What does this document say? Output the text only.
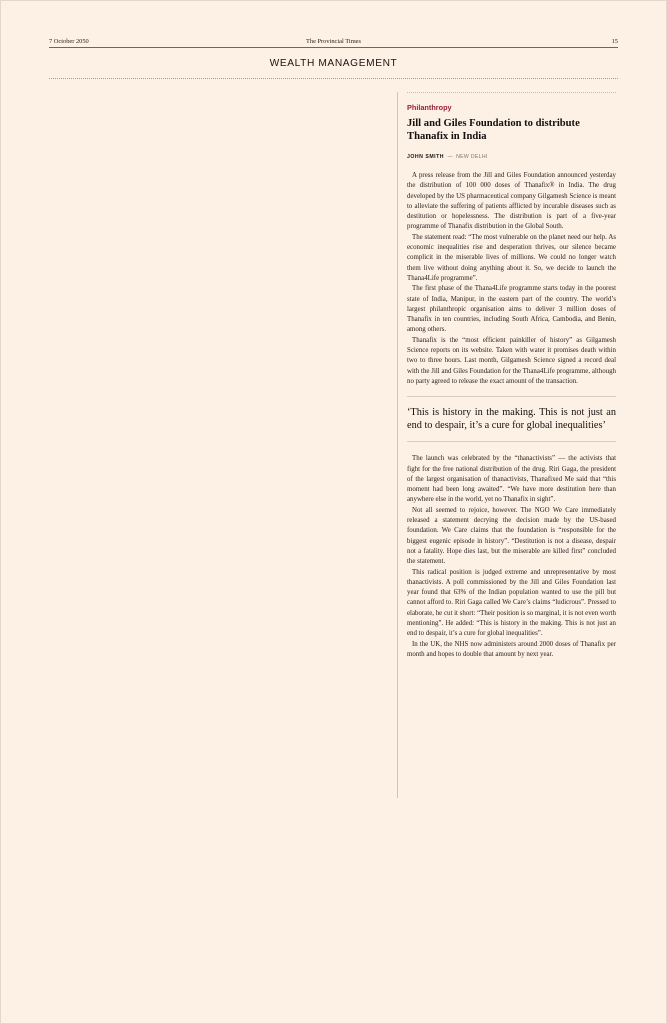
7 October 2050	The Provincial Times	15
WEALTH MANAGEMENT
Philanthropy
Jill and Giles Foundation to distribute Thanafix in India
JOHN SMITH — NEW DELHI

A press release from the Jill and Giles Foundation announced yesterday the distribution of 100 000 doses of Thanafix® in India. The drug developed by the US pharmaceutical company Gilgamesh Science is meant to alleviate the suffering of patients afflicted by incurable diseases such as destitution or hopelessness. The distribution is part of a five-year programme of Thanafix distribution in the Global South.

The statement read: “The most vulnerable on the planet need our help. As economic inequalities rise and desperation thrives, our silence became complicit in the miserable lives of millions. We could no longer watch them live without doing anything about it. So, we decide to launch the Thana4Life programme”.

The first phase of the Thana4Life programme starts today in the poorest state of India, Manipur, in the eastern part of the country. The world’s largest philanthropic organisation aims to deliver 3 million doses of Thanafix in ten countries, including South Africa, Cambodia, and Benin, among others.

Thanafix is the “most efficient painkiller of history” as Gilgamesh Science reports on its website. Taken with water it promises death within two to three hours. Last month, Gilgamesh Science signed a record deal with the Jill and Giles Foundation for the Thana4Life programme, although no party agreed to release the exact amount of the transaction.

‘This is history in the making. This is not just an end to despair, it’s a cure for global inequalities’

The launch was celebrated by the “thanactivists” — the activists that fight for the free national distribution of the drug. Riri Gaga, the president of the largest organisation of thanactivists, Thanafixed Me said that “this moment had been long awaited”. “We have more destitution here than anywhere else in the world, yet no Thanafix in sight”.

Not all seemed to rejoice, however. The NGO We Care immediately released a statement decrying the decision made by the US-based foundation. We Care claims that the foundation is “responsible for the biggest eugenic episode in history”. “Destitution is not a disease, despair not a fatality. Hope dies last, but the miserable are killed first” concluded the statement.

This radical position is judged extreme and unrepresentative by most thanactivists. A poll commissioned by the Jill and Giles Foundation last year found that 63% of the Indian population wanted to use the pill but cannot afford to. Riri Gaga called We Care’s claims “ludicrous”. Pressed to elaborate, he cut it short: “Their position is so marginal, it is not even worth mentioning”. He added: “This is history in the making. This is not just an end to despair, it’s a cure for global inequalities”.

In the UK, the NHS now administers around 2000 doses of Thanafix per month and hopes to double that amount by next year.
